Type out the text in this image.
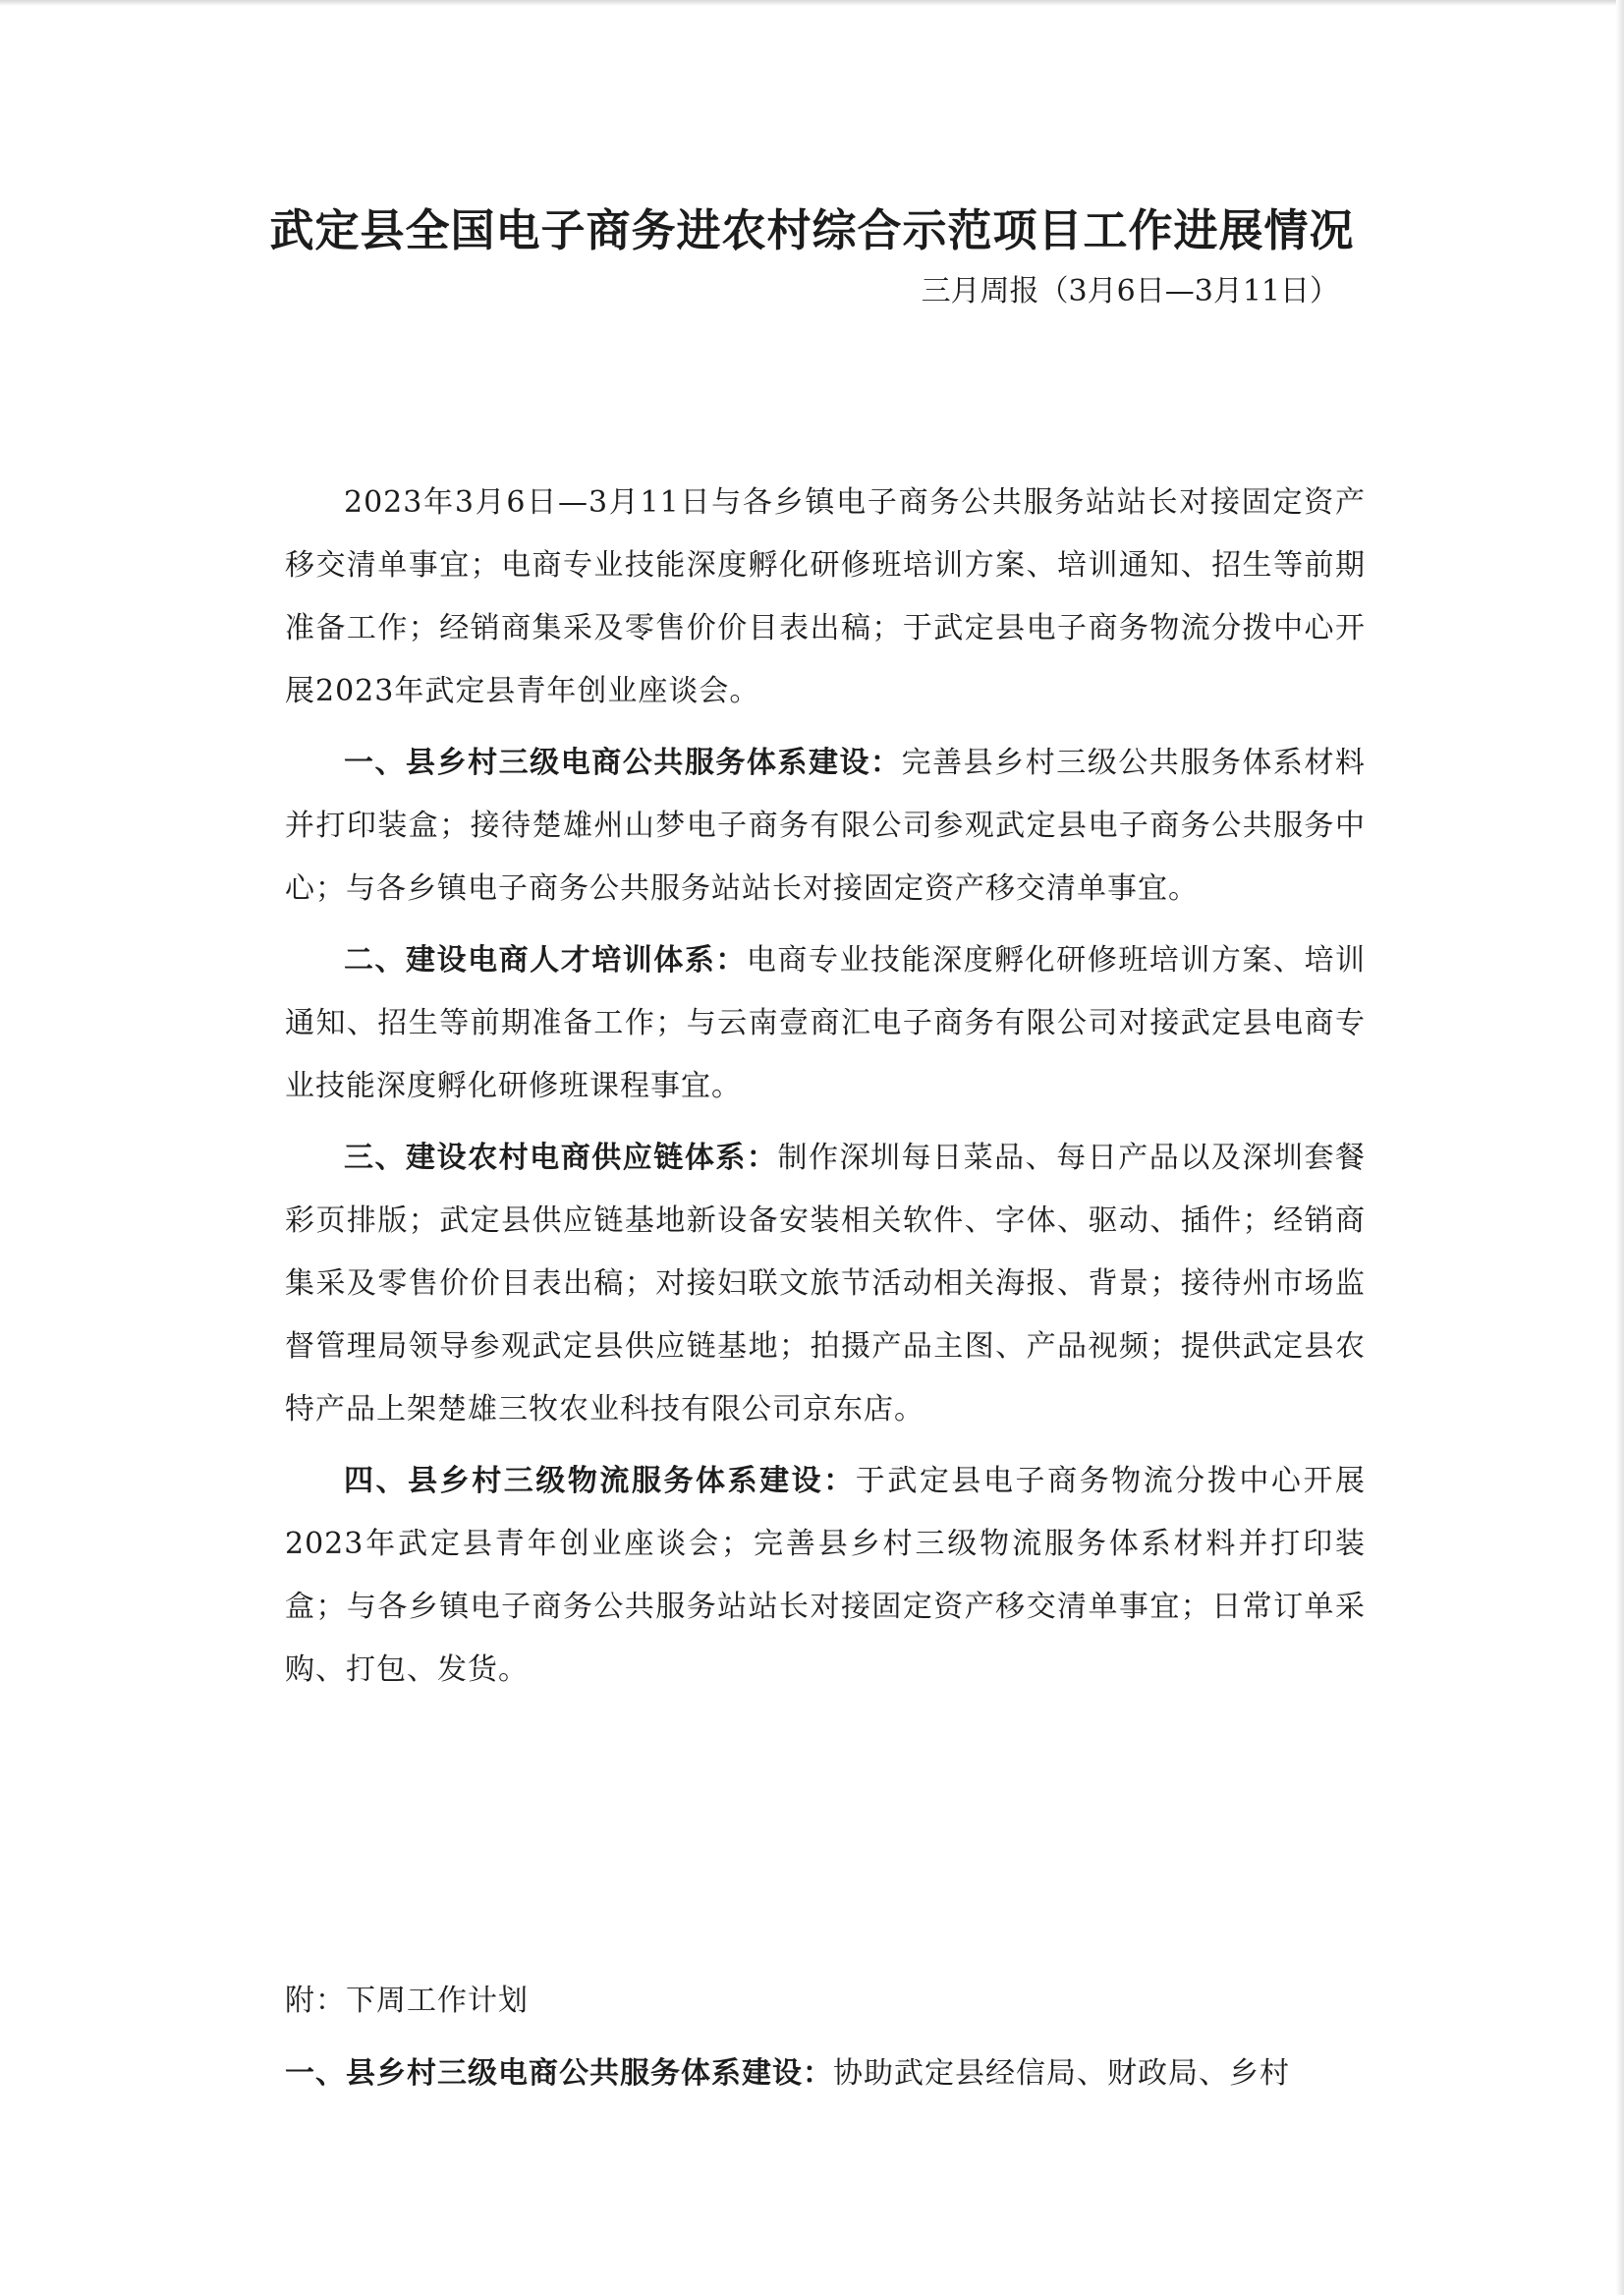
武定县全国电子商务进农村综合示范项目工作进展情况

三月周报（3月6日—3月11日）

2023年3月6日—3月11日与各乡镇电子商务公共服务站站长对接固定资产移交清单事宜；电商专业技能深度孵化研修班培训方案、培训通知、招生等前期准备工作；经销商集采及零售价价目表出稿；于武定县电子商务物流分拨中心开展2023年武定县青年创业座谈会。

一、县乡村三级电商公共服务体系建设：完善县乡村三级公共服务体系材料并打印装盒；接待楚雄州山梦电子商务有限公司参观武定县电子商务公共服务中心；与各乡镇电子商务公共服务站站长对接固定资产移交清单事宜。

二、建设电商人才培训体系：电商专业技能深度孵化研修班培训方案、培训通知、招生等前期准备工作；与云南壹商汇电子商务有限公司对接武定县电商专业技能深度孵化研修班课程事宜。

三、建设农村电商供应链体系：制作深圳每日菜品、每日产品以及深圳套餐彩页排版；武定县供应链基地新设备安装相关软件、字体、驱动、插件；经销商集采及零售价价目表出稿；对接妇联文旅节活动相关海报、背景；接待州市场监督管理局领导参观武定县供应链基地；拍摄产品主图、产品视频；提供武定县农特产品上架楚雄三牧农业科技有限公司京东店。

四、县乡村三级物流服务体系建设：于武定县电子商务物流分拨中心开展2023年武定县青年创业座谈会；完善县乡村三级物流服务体系材料并打印装盒；与各乡镇电子商务公共服务站站长对接固定资产移交清单事宜；日常订单采购、打包、发货。

附：下周工作计划

一、县乡村三级电商公共服务体系建设：协助武定县经信局、财政局、乡村
